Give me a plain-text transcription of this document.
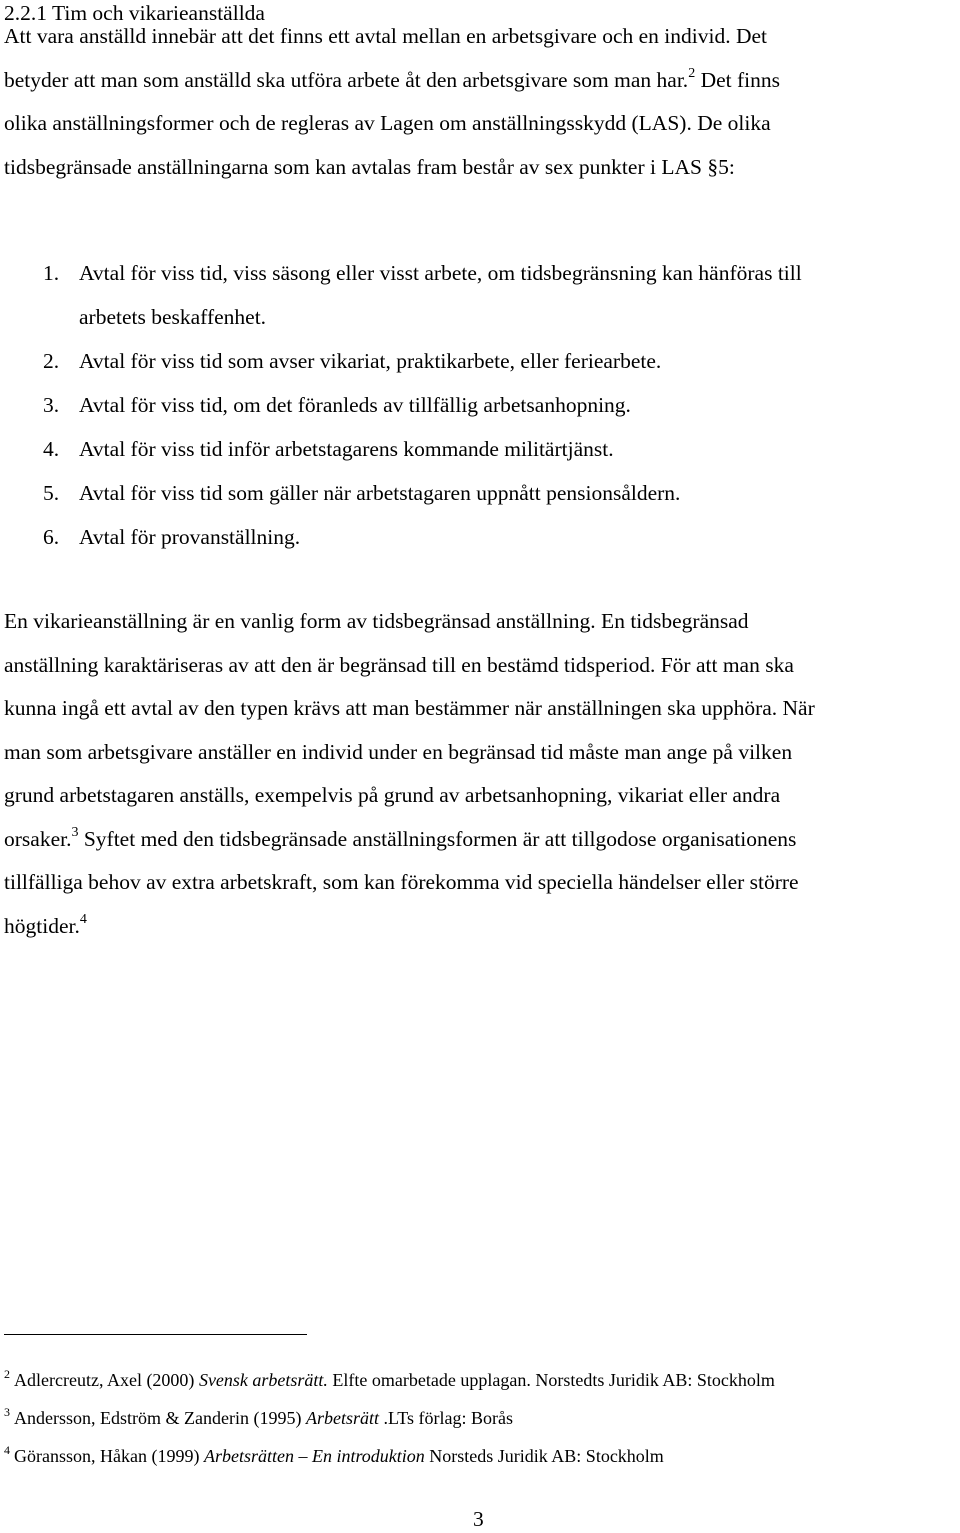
2.2.1 Tim och vikarieanställda

Att vara anställd innebär att det finns ett avtal mellan en arbetsgivare och en individ. Det
betyder att man som anställd ska utföra arbete åt den arbetsgivare som man har.$^2$ Det finns
olika anställningsformer och de regleras av Lagen om anställningsskydd (LAS). De olika
tidsbegränsade anställningarna som kan avtalas fram består av sex punkter i LAS §5:

1. Avtal för viss tid, viss säsong eller visst arbete, om tidsbegränsning kan hänföras till
arbetets beskaffenhet.
2. Avtal för viss tid som avser vikariat, praktikarbete, eller feriearbete.
3. Avtal för viss tid, om det föranleds av tillfällig arbetsanhopning.
4. Avtal för viss tid inför arbetstagarens kommande militärtjänst.
5. Avtal för viss tid som gäller när arbetstagaren uppnått pensionsåldern.
6. Avtal för provanställning.

En vikarieanställning är en vanlig form av tidsbegränsad anställning. En tidsbegränsad
anställning karaktäriseras av att den är begränsad till en bestämd tidsperiod. För att man ska
kunna ingå ett avtal av den typen krävs att man bestämmer när anställningen ska upphöra. När
man som arbetsgivare anställer en individ under en begränsad tid måste man ange på vilken
grund arbetstagaren anställs, exempelvis på grund av arbetsanhopning, vikariat eller andra
orsaker.$^3$ Syftet med den tidsbegränsade anställningsformen är att tillgodose organisationens
tillfälliga behov av extra arbetskraft, som kan förekomma vid speciella händelser eller större
högtider.$^4$

$^2$ Adlercreutz, Axel (2000) Svensk arbetsrätt. Elfte omarbetade upplagan. Norstedts Juridik AB: Stockholm
$^3$ Andersson, Edström & Zanderin (1995) Arbetsrätt .LTs förlag: Borås
$^4$ Göransson, Håkan (1999) Arbetsrätten – En introduktion Norsteds Juridik AB: Stockholm
3
